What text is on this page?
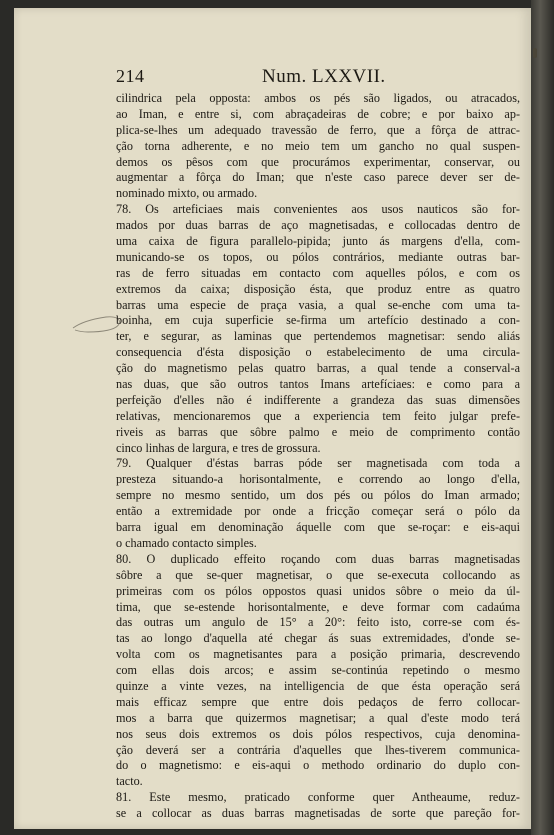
214	Num. LXXVII.
cilindrica pela opposta: ambos os pés são ligados, ou atracados,
ao Iman, e entre si, com abraçadeiras de cobre; e por baixo ap-
plica-se-lhes um adequado travessão de ferro, que a fôrça de attrac-
ção torna adherente, e no meio tem um gancho no qual suspen-
demos os pêsos com que procurámos experimentar, conservar, ou
augmentar a fôrça do Iman; que n'este caso parece dever ser de-
nominado mixto, ou armado.
78. Os arteficiaes mais convenientes aos usos nauticos são for-
mados por duas barras de aço magnetisadas, e collocadas dentro de
uma caixa de figura parallelo-pipida; junto ás margens d'ella, com-
municando-se os topos, ou pólos contrários, mediante outras bar-
ras de ferro situadas em contacto com aquelles pólos, e com os
extremos da caixa; disposição ésta, que produz entre as quatro
barras uma especie de praça vasia, a qual se-enche com uma ta-
boinha, em cuja superficie se-firma um artefício destinado a con-
ter, e segurar, as laminas que pertendemos magnetisar: sendo aliás
consequencia d'ésta disposição o estabelecimento de uma circula-
ção do magnetismo pelas quatro barras, a qual tende a conserval-a
nas duas, que são outros tantos Imans artefíciaes: e como para a
perfeição d'elles não é indifferente a grandeza das suas dimensões
relativas, mencionaremos que a experiencia tem feito julgar prefe-
riveis as barras que sôbre palmo e meio de comprimento contão
cinco linhas de largura, e tres de grossura.
79. Qualquer d'éstas barras póde ser magnetisada com toda a
presteza situando-a horisontalmente, e correndo ao longo d'ella,
sempre no mesmo sentido, um dos pés ou pólos do Iman armado;
então a extremidade por onde a fricção começar será o pólo da
barra igual em denominação áquelle com que se-roçar: e eis-aqui
o chamado contacto simples.
80. O duplicado effeito roçando com duas barras magnetisadas
sôbre a que se-quer magnetisar, o que se-executa collocando as
primeiras com os pólos oppostos quasi unidos sôbre o meio da úl-
tima, que se-estende horisontalmente, e deve formar com cadaúma
das outras um angulo de 15° a 20°: feito isto, corre-se com és-
tas ao longo d'aquella até chegar ás suas extremidades, d'onde se-
volta com os magnetisantes para a posição primaria, descrevendo
com ellas dois arcos; e assim se-continúa repetindo o mesmo
quinze a vinte vezes, na intelligencia de que ésta operação será
mais efficaz sempre que entre dois pedaços de ferro collocar-
mos a barra que quizermos magnetisar; a qual d'este modo terá
nos seus dois extremos os dois pólos respectivos, cuja denomina-
ção deverá ser a contrária d'aquelles que lhes-tiverem communica-
do o magnetismo: e eis-aqui o methodo ordinario do duplo con-
tacto.
81. Este mesmo, praticado conforme quer Antheaume, reduz-
se a collocar as duas barras magnetisadas de sorte que pareção for-
